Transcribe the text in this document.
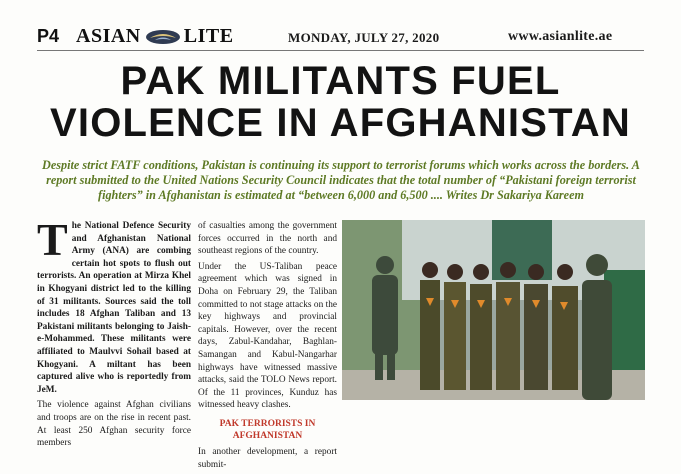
P4 ASIAN LITE	MONDAY, JULY 27, 2020	www.asianlite.ae
PAK MILITANTS FUEL
VIOLENCE IN AFGHANISTAN

Despite strict FATF conditions, Pakistan is continuing its support to terrorist forums which works across the borders. A report submitted to the United Nations Security Council indicates that the total number of “Pakistani foreign terrorist fighters” in Afghanistan is estimated at “between 6,000 and 6,500 .... Writes Dr Sakariya Kareem

The National Defence Security and Afghanistan National Army (ANA) are combing certain hot spots to flush out terrorists. An operation at Mirza Khel in Khogyani district led to the killing of 31 militants. Sources said the toll includes 18 Afghan Taliban and 13 Pakistani militants belonging to Jaish-e-Mohammed. These militants were affiliated to Maulvvi Sohail based at Khogyani. A miltant has been captured alive who is reportedly from JeM.

The violence against Afghan civilians and troops are on the rise in recent past. At least 250 Afghan security force members

of casualties among the government forces occurred in the north and southeast regions of the country.

Under the US-Taliban peace agreement which was signed in Doha on February 29, the Taliban committed to not stage attacks on the key highways and provincial capitals. However, over the recent days, Zabul-Kandahar, Baghlan-Samangan and Kabul-Nangarhar highways have witnessed massive attacks, said the TOLO News report. Of the 11 provinces, Kunduz has witnessed heavy clashes.

PAK TERRORISTS IN AFGHANISTAN

In another development, a report submit-
